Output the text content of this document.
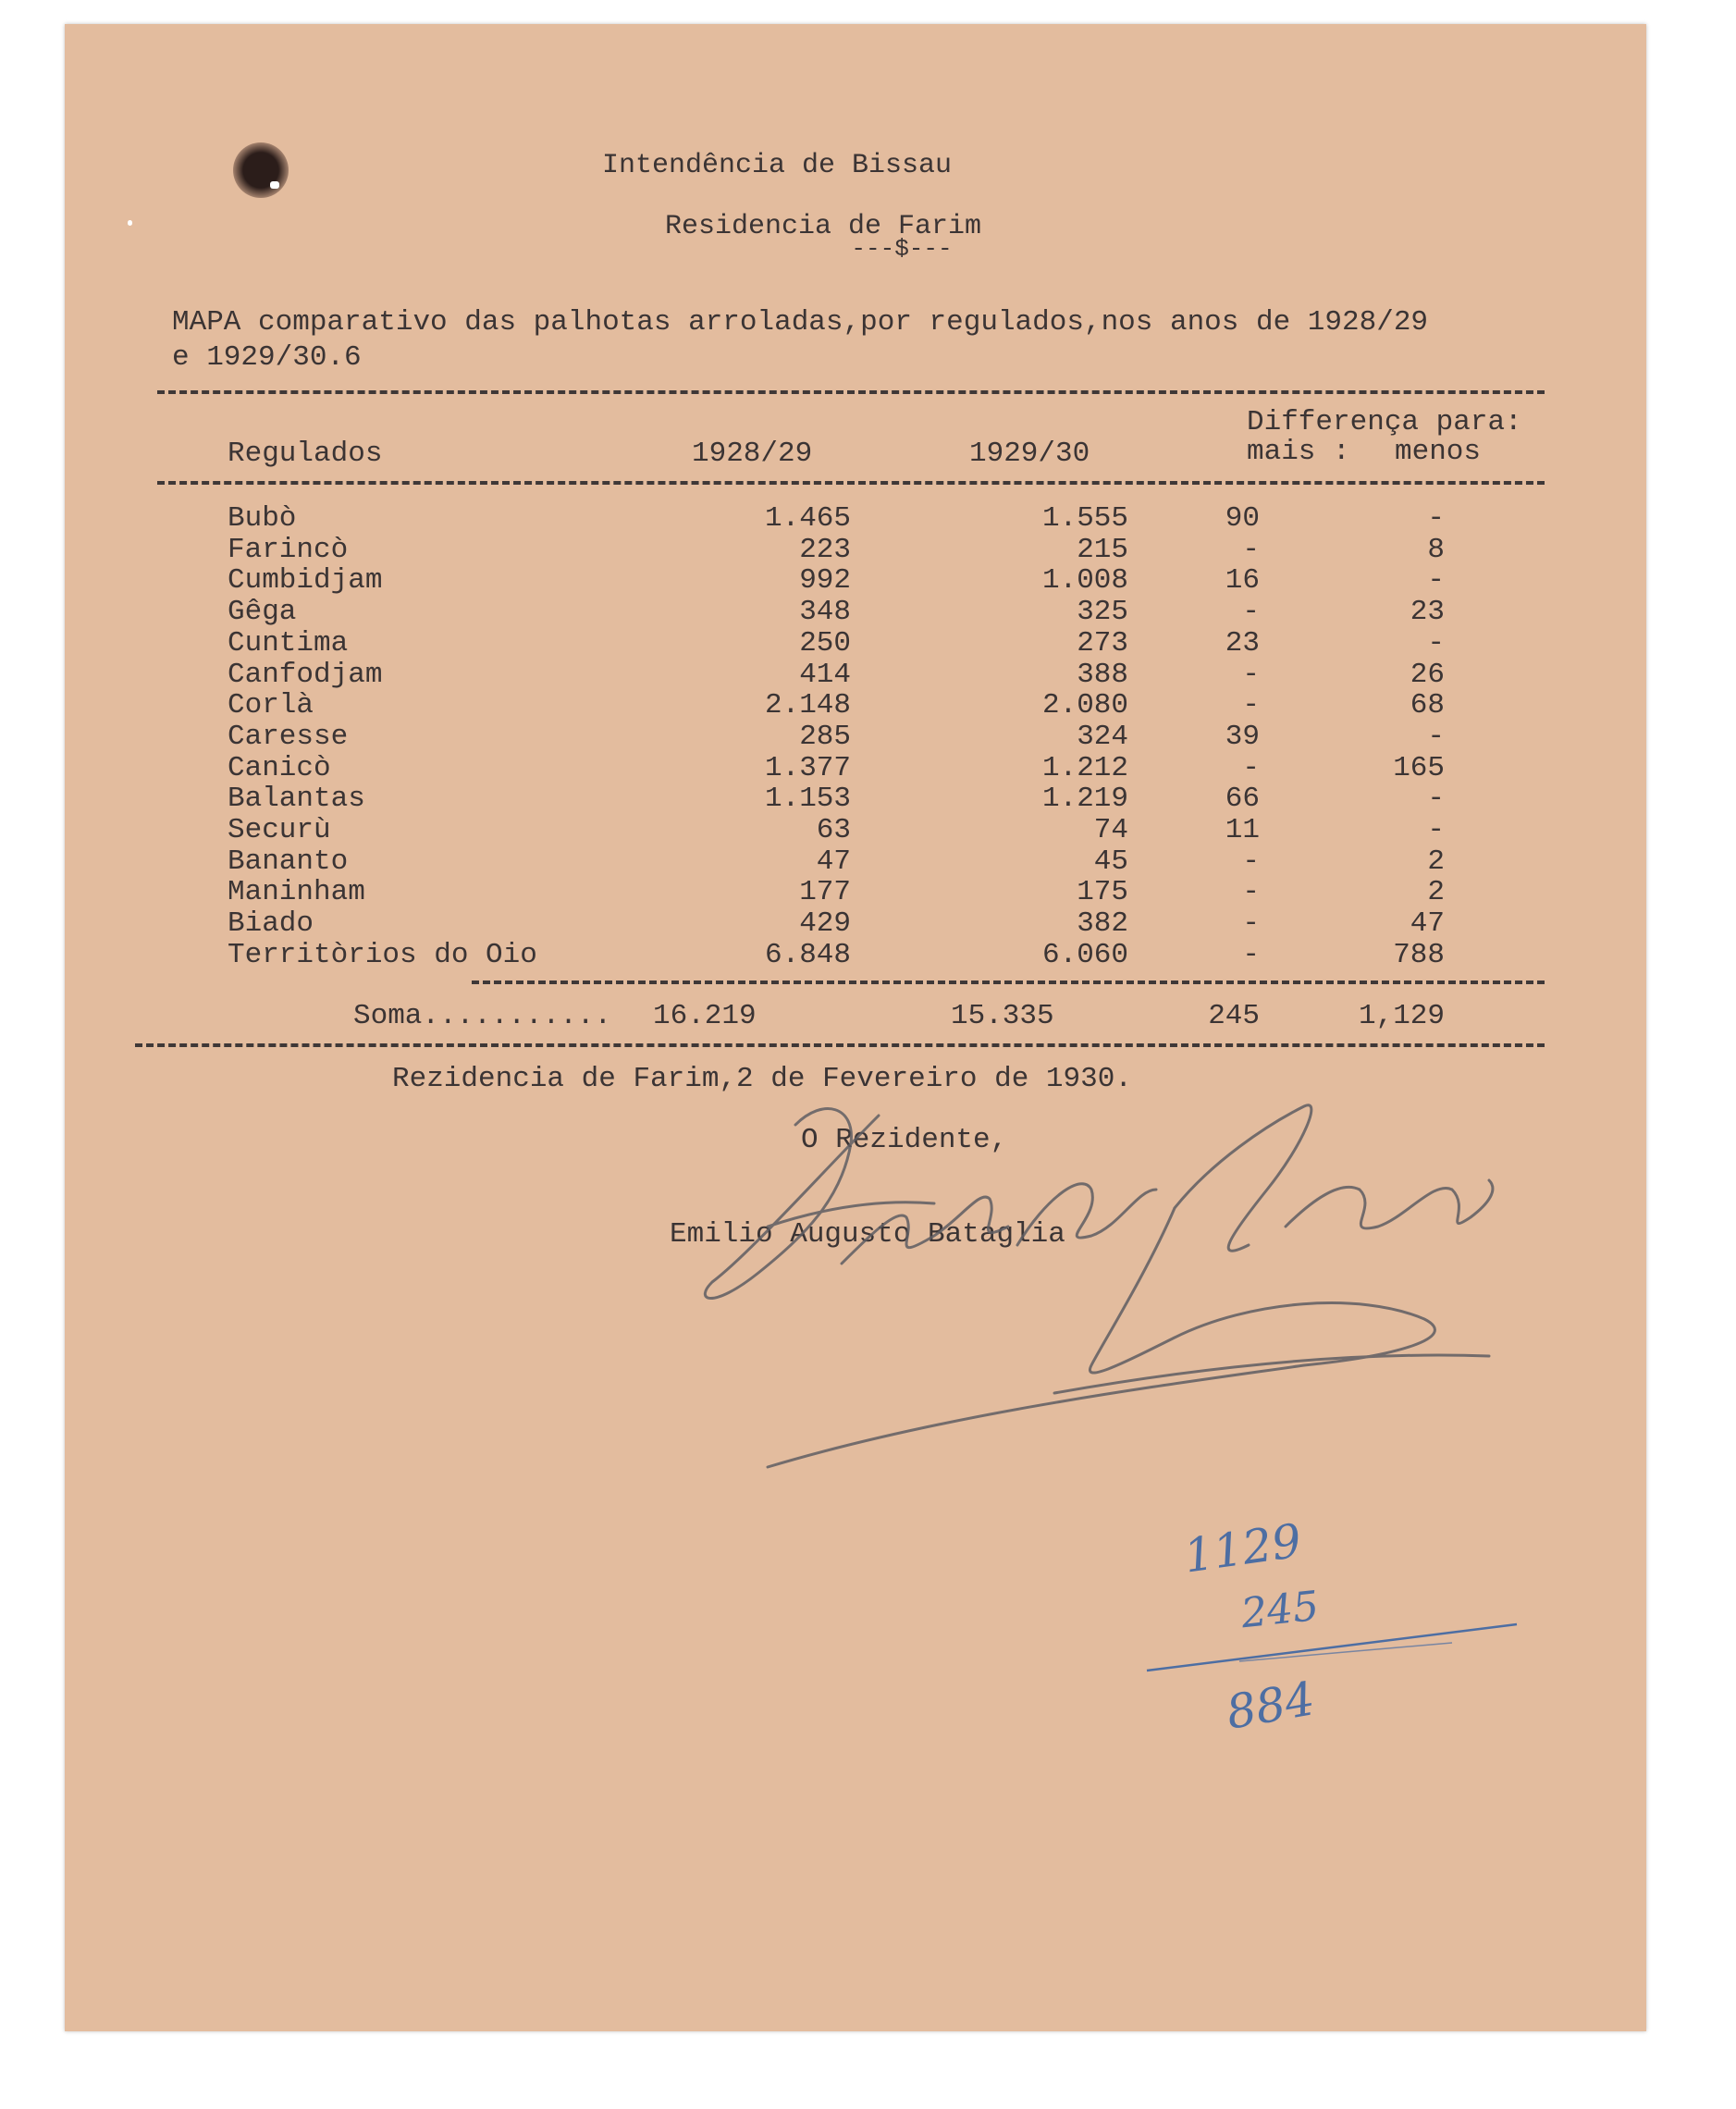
Intendência de Bissau
Residencia de Farim
---$---
MAPA comparativo das palhotas arroladas,por regulados,nos anos de 1928/29
e 1929/30.6
Regulados	1928/29	1929/30
Differença para:
mais : menos
Bubò	1.465	1.555	90	-
Farincò	223	215	-	8
Cumbidjam	992	1.008	16	-
Gêga	348	325	-	23
Cuntima	250	273	23	-
Canfodjam	414	388	-	26
Corlà	2.148	2.080	-	68
Caresse	285	324	39	-
Canicò	1.377	1.212	-	165
Balantas	1.153	1.219	66	-
Securù	63	74	11	-
Bananto	47	45	-	2
Maninham	177	175	-	2
Biado	429	382	-	47
Territòrios do Oio	6.848	6.060	-	788
Soma........... 16.219	15.335	245	1,129
Rezidencia de Farim,2 de Fevereiro de 1930.
O Rezidente,
Emilio Augusto Bataglia
1129
245
884
